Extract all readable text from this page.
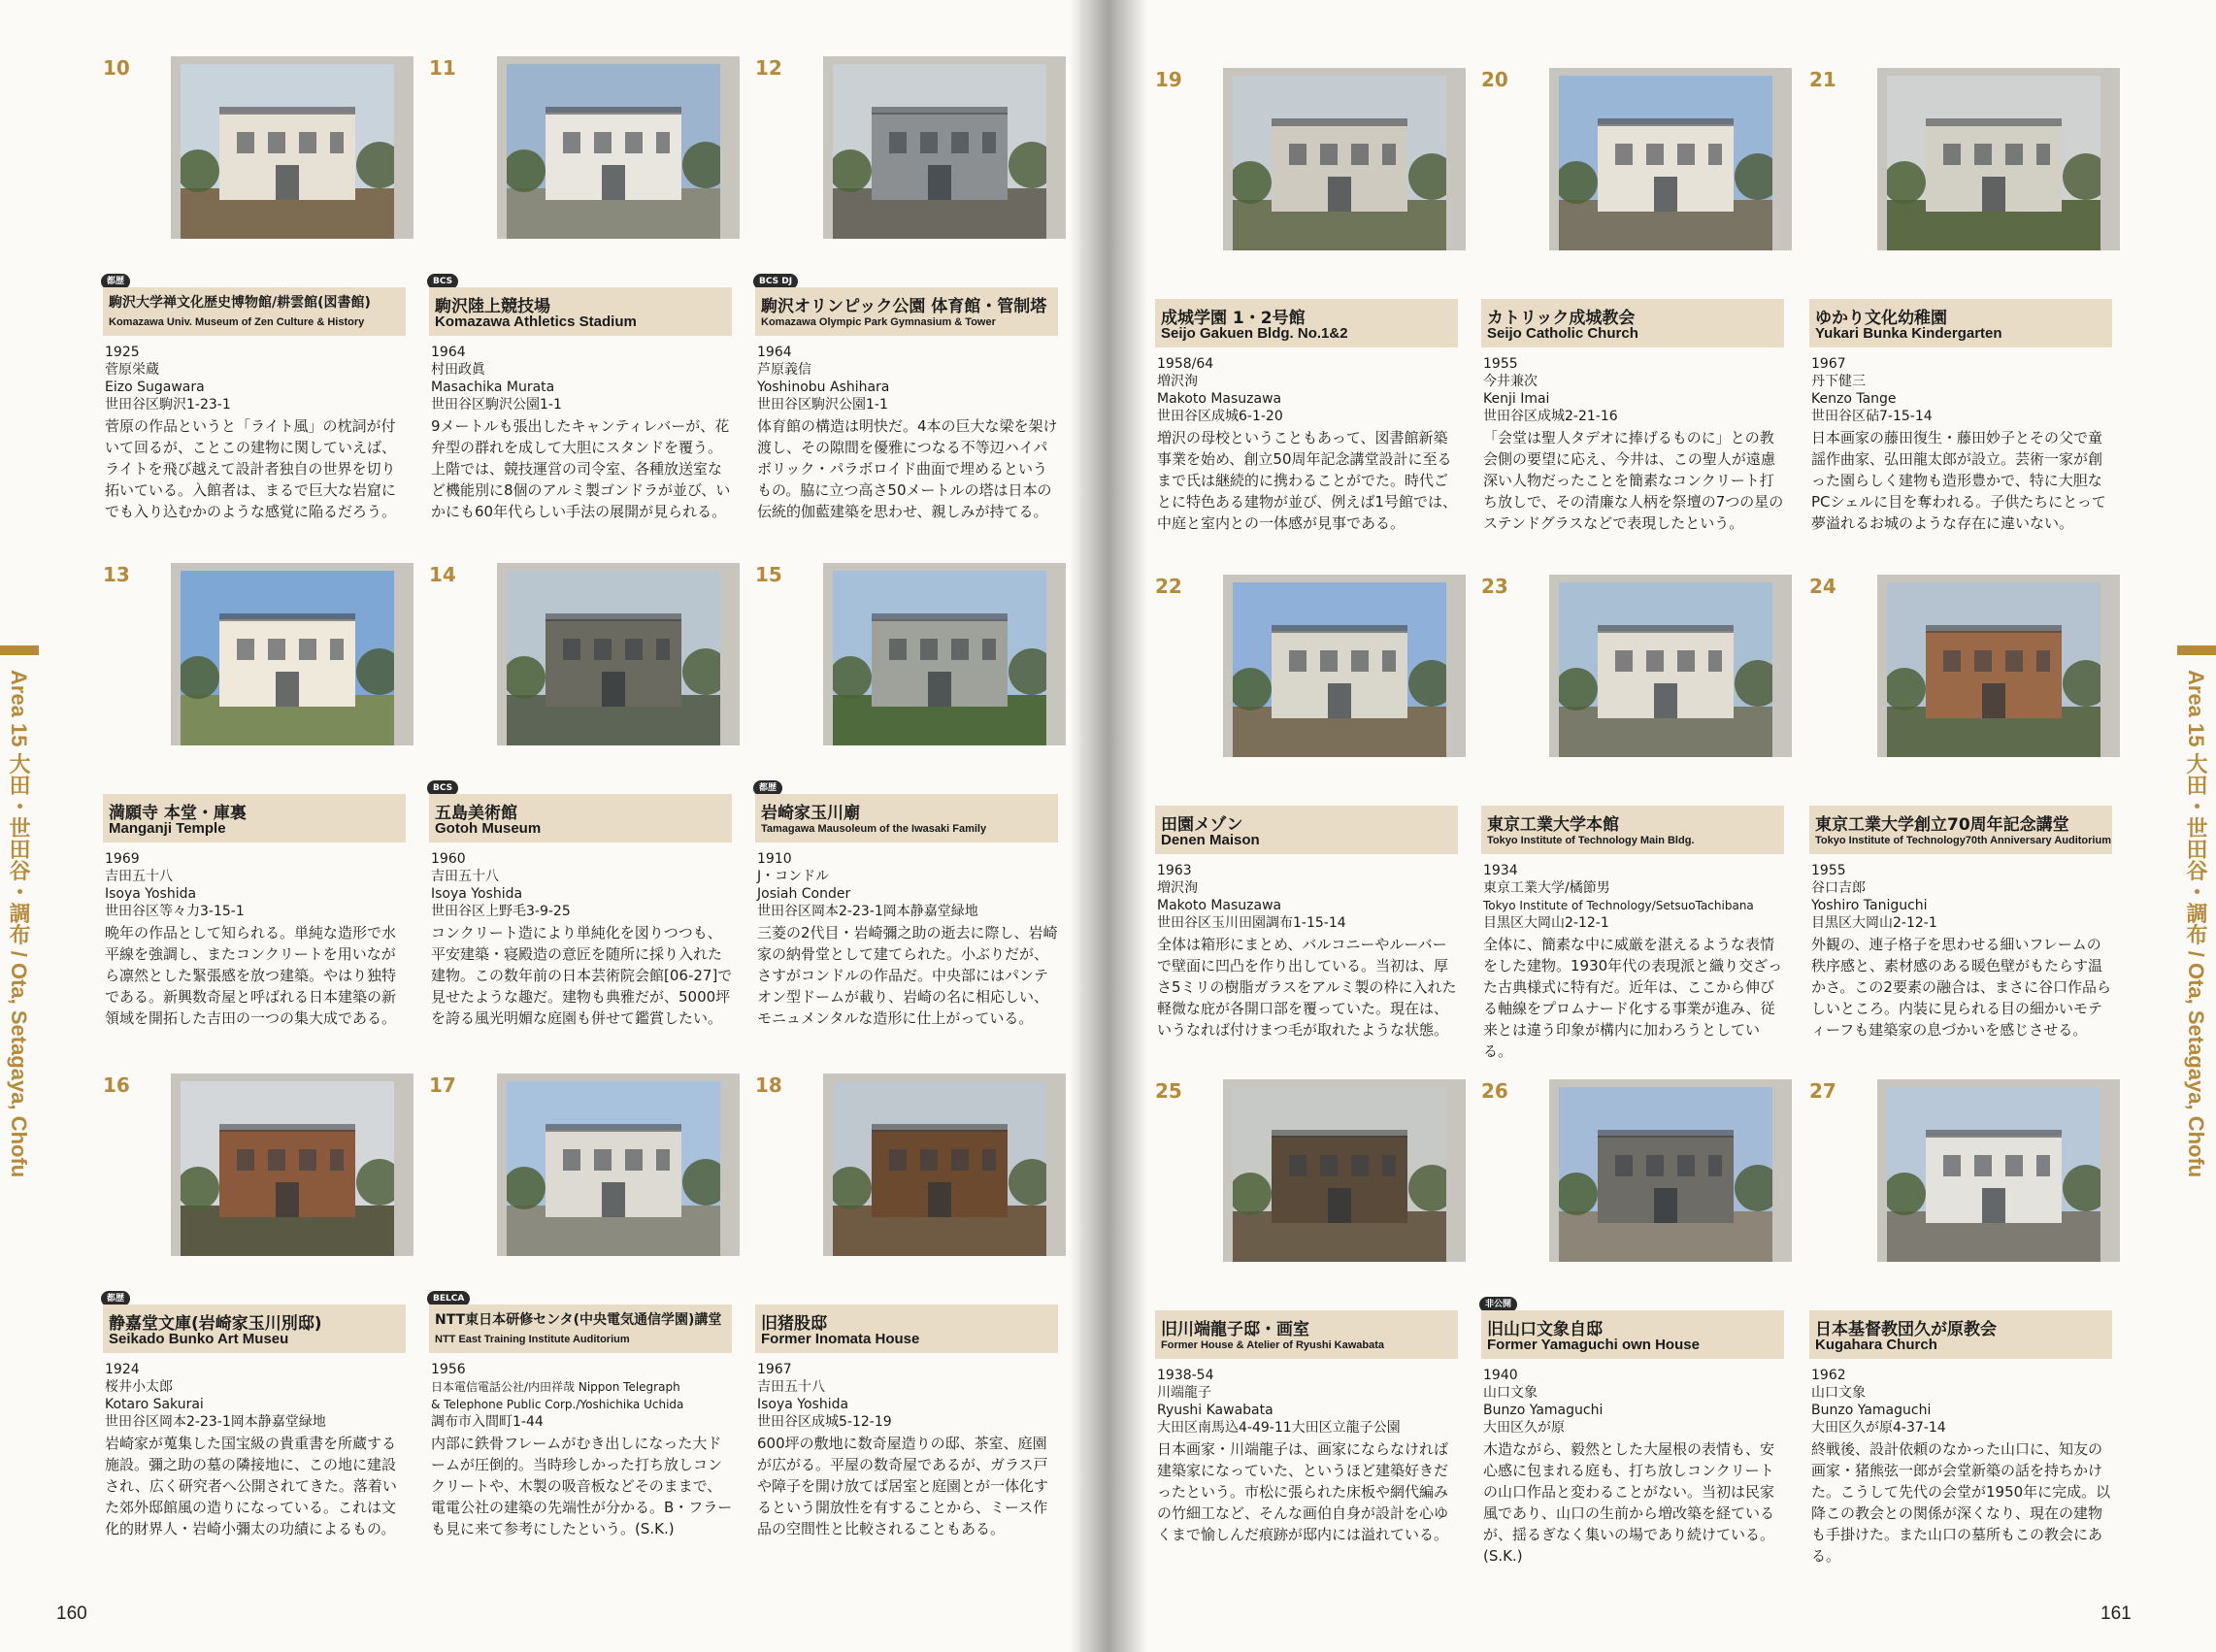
Area 15 大田・世田谷・調布 / Ota, Setagaya, Chofu
160
Area 15 大田・世田谷・調布 / Ota, Setagaya, Chofu
161
10
都歴
駒沢大学禅文化歴史博物館/耕雲館(図書館)
Komazawa Univ. Museum of Zen Culture & History
1925
菅原栄蔵
Eizo Sugawara
世田谷区駒沢1-23-1
菅原の作品というと「ライト風」の枕詞が付いて回るが、ことこの建物に関していえば、ライトを飛び越えて設計者独自の世界を切り拓いている。入館者は、まるで巨大な岩窟にでも入り込むかのような感覚に陥るだろう。
11
BCS
駒沢陸上競技場
Komazawa Athletics Stadium
1964
村田政眞
Masachika Murata
世田谷区駒沢公園1-1
9メートルも張出したキャンティレバーが、花弁型の群れを成して大胆にスタンドを覆う。上階では、競技運営の司令室、各種放送室など機能別に8個のアルミ製ゴンドラが並び、いかにも60年代らしい手法の展開が見られる。
12
BCS DJ
駒沢オリンピック公園 体育館・管制塔
Komazawa Olympic Park Gymnasium & Tower
1964
芦原義信
Yoshinobu Ashihara
世田谷区駒沢公園1-1
体育館の構造は明快だ。4本の巨大な梁を架け渡し、その隙間を優雅につなる不等辺ハイパボリック・パラボロイド曲面で埋めるというもの。脇に立つ高さ50メートルの塔は日本の伝統的伽藍建築を思わせ、親しみが持てる。
13
満願寺 本堂・庫裏
Manganji Temple
1969
吉田五十八
Isoya Yoshida
世田谷区等々力3-15-1
晩年の作品として知られる。単純な造形で水平線を強調し、またコンクリートを用いながら凛然とした緊張感を放つ建築。やはり独特である。新興数奇屋と呼ばれる日本建築の新領域を開拓した吉田の一つの集大成である。
14
BCS
五島美術館
Gotoh Museum
1960
吉田五十八
Isoya Yoshida
世田谷区上野毛3-9-25
コンクリート造により単純化を図りつつも、平安建築・寝殿造の意匠を随所に採り入れた建物。この数年前の日本芸術院会館[06-27]で見せたような趣だ。建物も典雅だが、5000坪を誇る風光明媚な庭園も併せて鑑賞したい。
15
都歴
岩崎家玉川廟
Tamagawa Mausoleum of the Iwasaki Family
1910
J・コンドル
Josiah Conder
世田谷区岡本2-23-1岡本静嘉堂緑地
三菱の2代目・岩崎彌之助の逝去に際し、岩崎家の納骨堂として建てられた。小ぶりだが、さすがコンドルの作品だ。中央部にはパンテオン型ドームが載り、岩崎の名に相応しい、モニュメンタルな造形に仕上がっている。
16
都歴
静嘉堂文庫(岩崎家玉川別邸)
Seikado Bunko Art Museu
1924
桜井小太郎
Kotaro Sakurai
世田谷区岡本2-23-1岡本静嘉堂緑地
岩崎家が蒐集した国宝級の貴重書を所蔵する施設。彌之助の墓の隣接地に、この地に建設され、広く研究者へ公開されてきた。落着いた郊外邸館風の造りになっている。これは文化的財界人・岩崎小彌太の功績によるもの。
17
BELCA
NTT東日本研修センタ(中央電気通信学園)講堂
NTT East Training Institute Auditorium
1956
日本電信電話公社/内田祥哉 Nippon Telegraph
& Telephone Public Corp./Yoshichika Uchida
調布市入間町1-44
内部に鉄骨フレームがむき出しになった大ドームが圧倒的。当時珍しかった打ち放しコンクリートや、木製の吸音板などそのままで、電電公社の建築の先端性が分かる。B・フラーも見に来て参考にしたという。(S.K.)
18
旧猪股邸
Former Inomata House
1967
吉田五十八
Isoya Yoshida
世田谷区成城5-12-19
600坪の敷地に数奇屋造りの邸、茶室、庭園が広がる。平屋の数奇屋であるが、ガラス戸や障子を開け放てば居室と庭園とが一体化するという開放性を有することから、ミース作品の空間性と比較されることもある。
19
成城学園 1・2号館
Seijo Gakuen Bldg. No.1&2
1958/64
増沢洵
Makoto Masuzawa
世田谷区成城6-1-20
増沢の母校ということもあって、図書館新築事業を始め、創立50周年記念講堂設計に至るまで氏は継続的に携わることがでた。時代ごとに特色ある建物が並び、例えば1号館では、中庭と室内との一体感が見事である。
20
カトリック成城教会
Seijo Catholic Church
1955
今井兼次
Kenji Imai
世田谷区成城2-21-16
「会堂は聖人タデオに捧げるものに」との教会側の要望に応え、今井は、この聖人が遠慮深い人物だったことを簡素なコンクリート打ち放しで、その清廉な人柄を祭壇の7つの星のステンドグラスなどで表現したという。
21
ゆかり文化幼稚園
Yukari Bunka Kindergarten
1967
丹下健三
Kenzo Tange
世田谷区砧7-15-14
日本画家の藤田復生・藤田妙子とその父で童謡作曲家、弘田龍太郎が設立。芸術一家が創った園らしく建物も造形豊かで、特に大胆なPCシェルに目を奪われる。子供たちにとって夢溢れるお城のような存在に違いない。
22
田園メゾン
Denen Maison
1963
増沢洵
Makoto Masuzawa
世田谷区玉川田園調布1-15-14
全体は箱形にまとめ、バルコニーやルーバーで壁面に凹凸を作り出している。当初は、厚さ5ミリの樹脂ガラスをアルミ製の枠に入れた軽微な庇が各開口部を覆っていた。現在は、いうなれば付けまつ毛が取れたような状態。
23
東京工業大学本館
Tokyo Institute of Technology Main Bldg.
1934
東京工業大学/橘節男
Tokyo Institute of Technology/SetsuoTachibana
目黒区大岡山2-12-1
全体に、簡素な中に威厳を湛えるような表情をした建物。1930年代の表現派と織り交ざった古典様式に特有だ。近年は、ここから伸びる軸線をプロムナード化する事業が進み、従来とは違う印象が構内に加わろうとしている。
24
東京工業大学創立70周年記念講堂
Tokyo Institute of Technology70th Anniversary Auditorium
1955
谷口吉郎
Yoshiro Taniguchi
目黒区大岡山2-12-1
外観の、連子格子を思わせる細いフレームの秩序感と、素材感のある暖色壁がもたらす温かさ。この2要素の融合は、まさに谷口作品らしいところ。内装に見られる目の細かいモティーフも建築家の息づかいを感じさせる。
25
旧川端龍子邸・画室
Former House & Atelier of Ryushi Kawabata
1938-54
川端龍子
Ryushi Kawabata
大田区南馬込4-49-11大田区立龍子公園
日本画家・川端龍子は、画家にならなければ建築家になっていた、というほど建築好きだったという。市松に張られた床板や網代編みの竹細工など、そんな画伯自身が設計を心ゆくまで愉しんだ痕跡が邸内には溢れている。
26
非公開
旧山口文象自邸
Former Yamaguchi own House
1940
山口文象
Bunzo Yamaguchi
大田区久が原
木造ながら、毅然とした大屋根の表情も、安心感に包まれる庭も、打ち放しコンクリートの山口作品と変わることがない。当初は民家風であり、山口の生前から増改築を経ているが、揺るぎなく集いの場であり続けている。(S.K.)
27
日本基督教団久が原教会
Kugahara Church
1962
山口文象
Bunzo Yamaguchi
大田区久が原4-37-14
終戦後、設計依頼のなかった山口に、知友の画家・猪熊弦一郎が会堂新築の話を持ちかけた。こうして先代の会堂が1950年に完成。以降この教会との関係が深くなり、現在の建物も手掛けた。また山口の墓所もこの教会にある。
